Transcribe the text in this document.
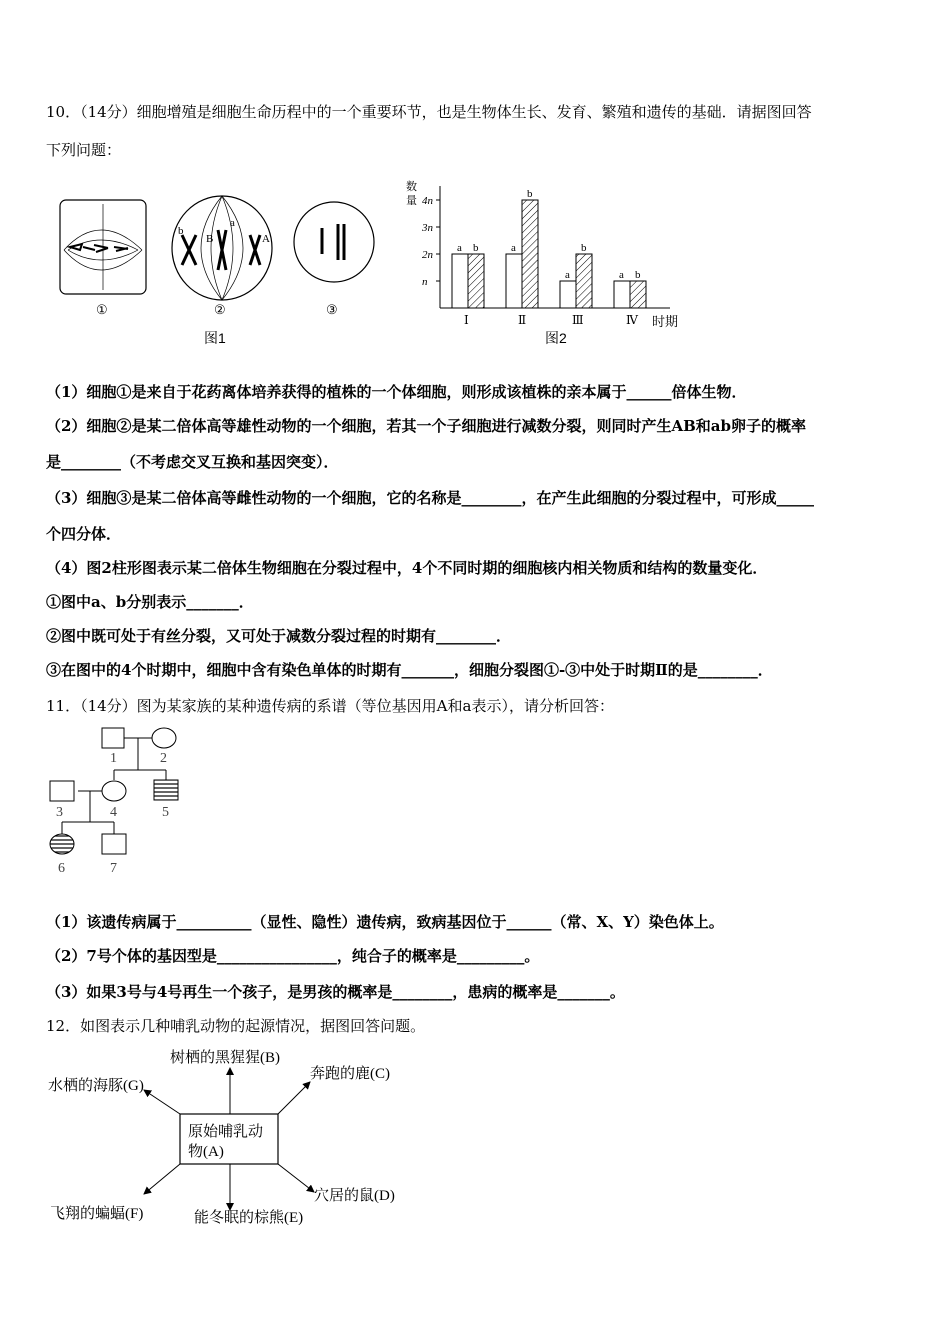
10．（14分）细胞增殖是细胞生命历程中的一个重要环节，也是生物体生长、发育、繁殖和遗传的基础．请据图回答
下列问题：
①
a
b
B	A
②	③
图1
数
量
时期
n
2n
3n
4n
a b
Ⅰ
a
b
Ⅱ
a
b
Ⅲ
a b
Ⅳ
图2
（1）细胞①是来自于花药离体培养获得的植株的一个体细胞，则形成该植株的亲本属于______倍体生物．
（2）细胞②是某二倍体高等雄性动物的一个细胞，若其一个子细胞进行减数分裂，则同时产生AB和ab卵子的概率
是________（不考虑交叉互换和基因突变）．
（3）细胞③是某二倍体高等雌性动物的一个细胞，它的名称是________，在产生此细胞的分裂过程中，可形成_____
个四分体．
（4）图2柱形图表示某二倍体生物细胞在分裂过程中，4个不同时期的细胞核内相关物质和结构的数量变化．
①图中a、b分别表示_______．
②图中既可处于有丝分裂，又可处于减数分裂过程的时期有________．
③在图中的4个时期中，细胞中含有染色单体的时期有_______，细胞分裂图①-③中处于时期Ⅱ的是________．
11．（14分）图为某家族的某种遗传病的系谱（等位基因用A和a表示），请分析回答：
1	2
3	4	5
6	7
（1）该遗传病属于__________（显性、隐性）遗传病，致病基因位于______（常、X、Y）染色体上。
（2）7号个体的基因型是________________，纯合子的概率是_________。
（3）如果3号与4号再生一个孩子，是男孩的概率是________，患病的概率是_______。
12．如图表示几种哺乳动物的起源情况，据图回答问题。
原始哺乳动
物(A)
树栖的黑猩猩(B)
奔跑的鹿(C)
穴居的鼠(D)
能冬眠的棕熊(E)
飞翔的蝙蝠(F)
水栖的海豚(G)
